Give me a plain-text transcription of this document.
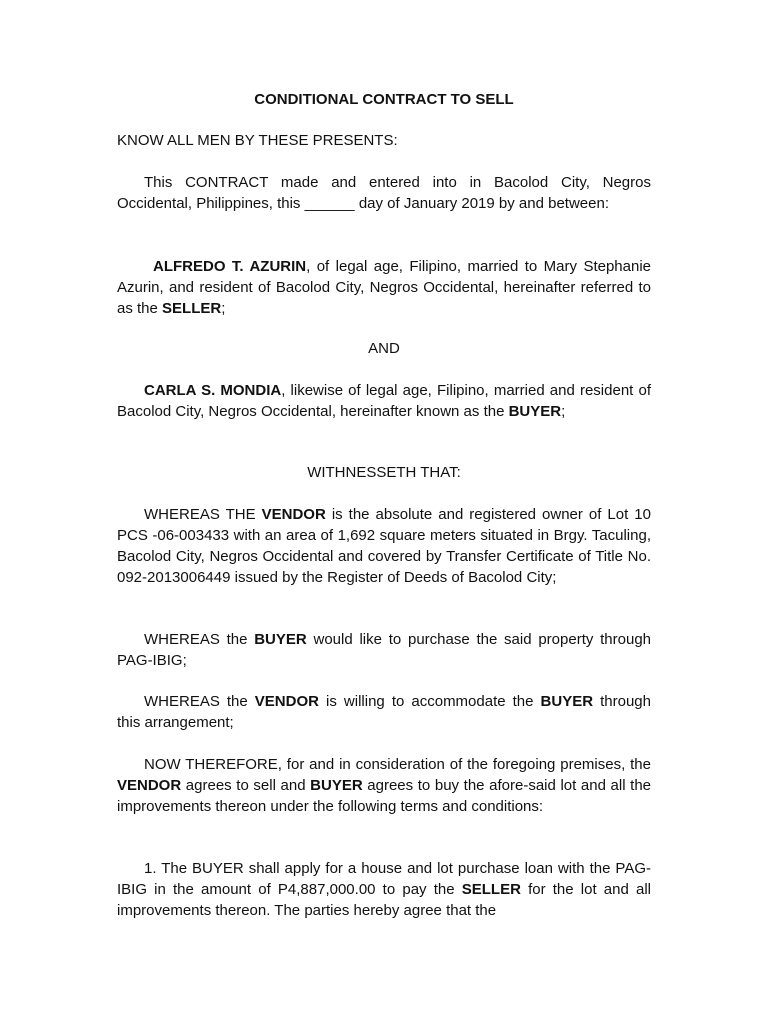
CONDITIONAL CONTRACT TO SELL

KNOW ALL MEN BY THESE PRESENTS:

This CONTRACT made and entered into in Bacolod City, Negros Occidental, Philippines, this ______ day of January 2019 by and between:

ALFREDO T. AZURIN, of legal age, Filipino, married to Mary Stephanie Azurin, and resident of Bacolod City, Negros Occidental, hereinafter referred to as the SELLER;

AND

CARLA S. MONDIA, likewise of legal age, Filipino, married and resident of Bacolod City, Negros Occidental, hereinafter known as the BUYER;

WITHNESSETH THAT:

WHEREAS THE VENDOR is the absolute and registered owner of Lot 10 PCS -06-003433 with an area of 1,692 square meters situated in Brgy. Taculing, Bacolod City, Negros Occidental and covered by Transfer Certificate of Title No. 092-2013006449 issued by the Register of Deeds of Bacolod City;

WHEREAS the BUYER would like to purchase the said property through PAG-IBIG;

WHEREAS the VENDOR is willing to accommodate the BUYER through this arrangement;

NOW THEREFORE, for and in consideration of the foregoing premises, the VENDOR agrees to sell and BUYER agrees to buy the afore-said lot and all the improvements thereon under the following terms and conditions:

1. The BUYER shall apply for a house and lot purchase loan with the PAG-IBIG in the amount of P4,887,000.00 to pay the SELLER for the lot and all improvements thereon. The parties hereby agree that the
